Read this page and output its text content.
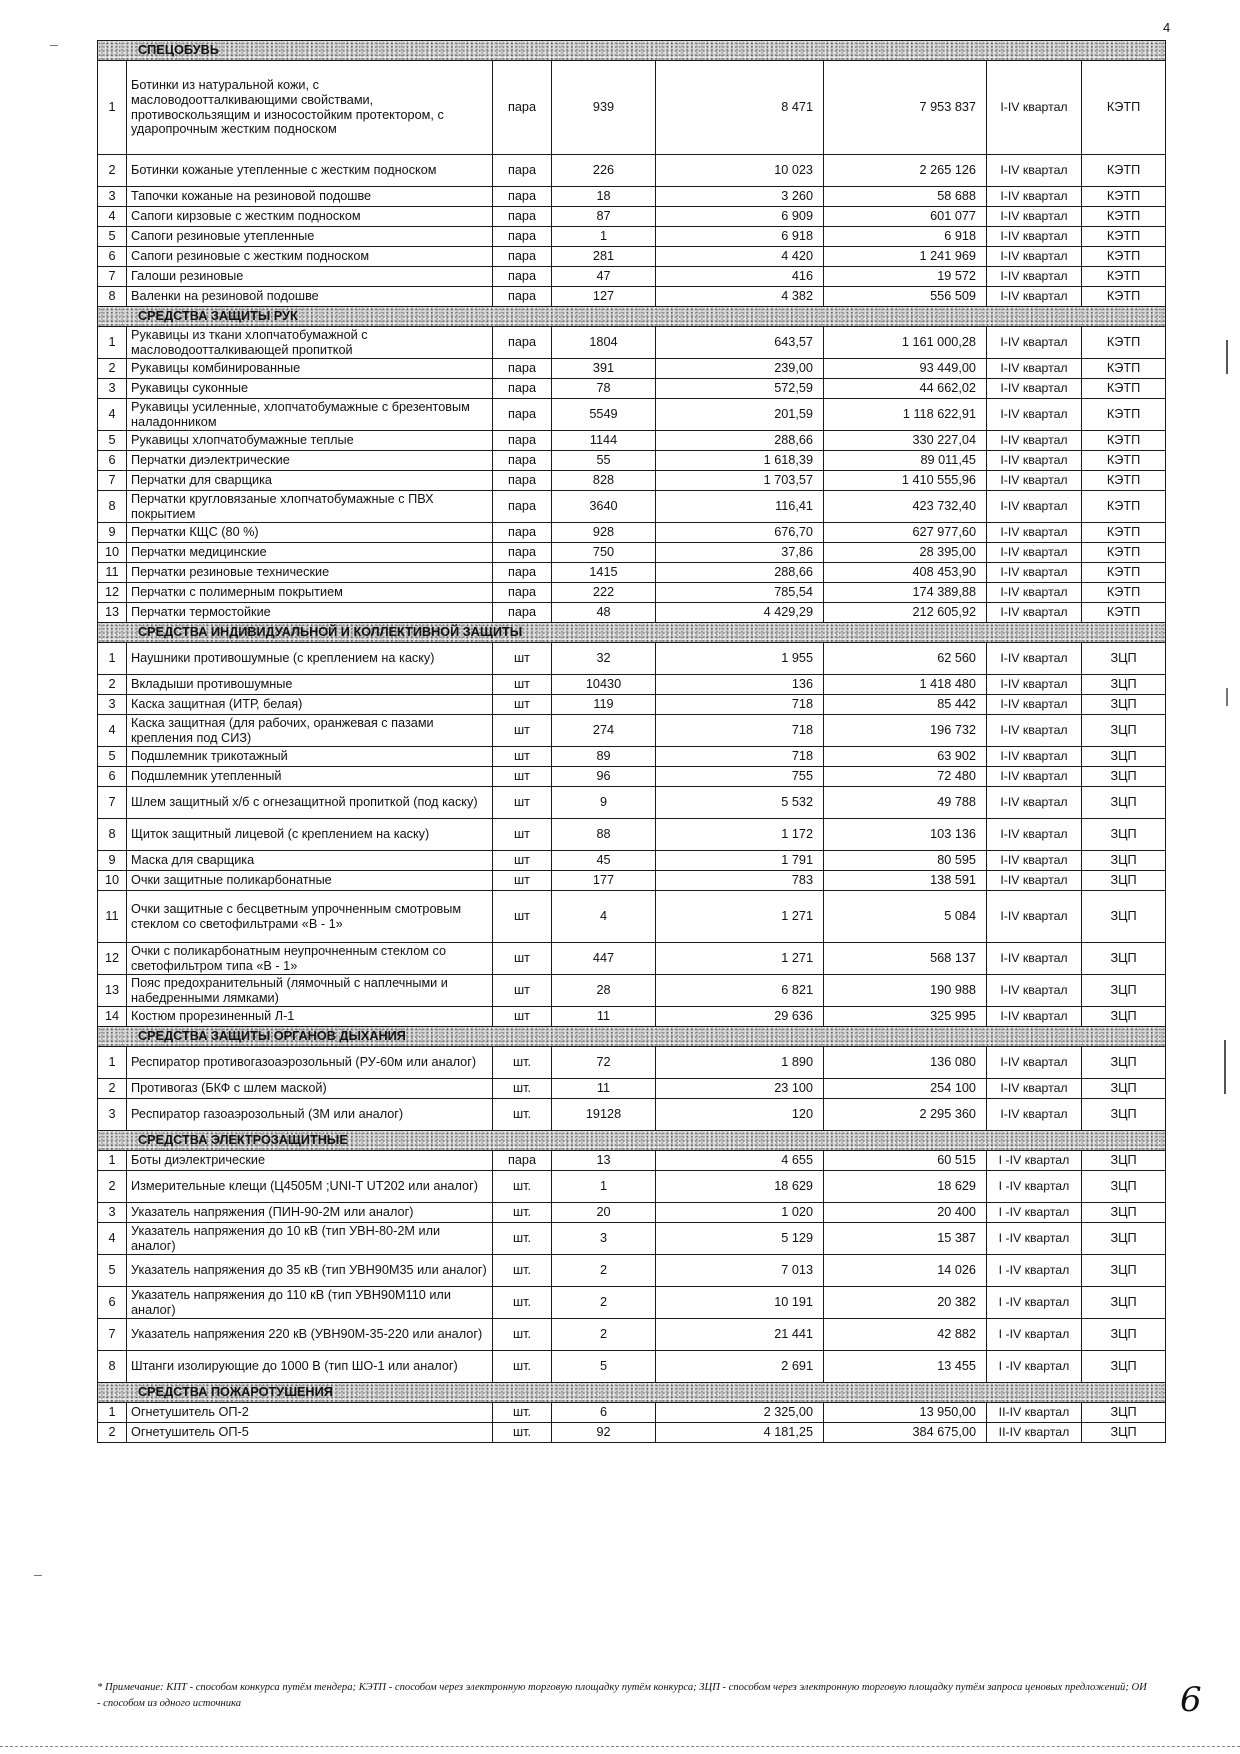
4
СПЕЦОБУВЬ							
1	Ботинки из натуральной кожи, с масловодоотталкивающими свойствами, противоскользящим и износостойким протектором, с ударопрочным жестким подноском	пара	939	8 471	7 953 837	I-IV квартал	КЭТП
2	Ботинки кожаные утепленные с жестким подноском	пара	226	10 023	2 265 126	I-IV квартал	КЭТП
3	Тапочки кожаные на резиновой подошве	пара	18	3 260	58 688	I-IV квартал	КЭТП
4	Сапоги кирзовые с жестким подноском	пара	87	6 909	601 077	I-IV квартал	КЭТП
5	Сапоги резиновые утепленные	пара	1	6 918	6 918	I-IV квартал	КЭТП
6	Сапоги резиновые с жестким подноском	пара	281	4 420	1 241 969	I-IV квартал	КЭТП
7	Галоши резиновые	пара	47	416	19 572	I-IV квартал	КЭТП
8	Валенки на резиновой подошве	пара	127	4 382	556 509	I-IV квартал	КЭТП
СРЕДСТВА ЗАЩИТЫ РУК							
1	Рукавицы из ткани хлопчатобумажной с масловодоотталкивающей пропиткой	пара	1804	643,57	1 161 000,28	I-IV квартал	КЭТП
2	Рукавицы комбинированные	пара	391	239,00	93 449,00	I-IV квартал	КЭТП
3	Рукавицы суконные	пара	78	572,59	44 662,02	I-IV квартал	КЭТП
4	Рукавицы усиленные, хлопчатобумажные с брезентовым наладонником	пара	5549	201,59	1 118 622,91	I-IV квартал	КЭТП
5	Рукавицы хлопчатобумажные теплые	пара	1144	288,66	330 227,04	I-IV квартал	КЭТП
6	Перчатки диэлектрические	пара	55	1 618,39	89 011,45	I-IV квартал	КЭТП
7	Перчатки для сварщика	пара	828	1 703,57	1 410 555,96	I-IV квартал	КЭТП
8	Перчатки кругловязаные хлопчатобумажные с ПВХ покрытием	пара	3640	116,41	423 732,40	I-IV квартал	КЭТП
9	Перчатки КЩС (80 %)	пара	928	676,70	627 977,60	I-IV квартал	КЭТП
10	Перчатки медицинские	пара	750	37,86	28 395,00	I-IV квартал	КЭТП
11	Перчатки резиновые технические	пара	1415	288,66	408 453,90	I-IV квартал	КЭТП
12	Перчатки с полимерным покрытием	пара	222	785,54	174 389,88	I-IV квартал	КЭТП
13	Перчатки термостойкие	пара	48	4 429,29	212 605,92	I-IV квартал	КЭТП
СРЕДСТВА ИНДИВИДУАЛЬНОЙ И КОЛЛЕКТИВНОЙ ЗАЩИТЫ							
1	Наушники противошумные (с креплением на каску)	шт	32	1 955	62 560	I-IV квартал	ЗЦП
2	Вкладыши противошумные	шт	10430	136	1 418 480	I-IV квартал	ЗЦП
3	Каска защитная (ИТР, белая)	шт	119	718	85 442	I-IV квартал	ЗЦП
4	Каска защитная (для рабочих, оранжевая с пазами крепления под СИЗ)	шт	274	718	196 732	I-IV квартал	ЗЦП
5	Подшлемник трикотажный	шт	89	718	63 902	I-IV квартал	ЗЦП
6	Подшлемник утепленный	шт	96	755	72 480	I-IV квартал	ЗЦП
7	Шлем защитный х/б с огнезащитной пропиткой (под каску)	шт	9	5 532	49 788	I-IV квартал	ЗЦП
8	Щиток защитный лицевой (с креплением на каску)	шт	88	1 172	103 136	I-IV квартал	ЗЦП
9	Маска для сварщика	шт	45	1 791	80 595	I-IV квартал	ЗЦП
10	Очки защитные поликарбонатные	шт	177	783	138 591	I-IV квартал	ЗЦП
11	Очки защитные с бесцветным упрочненным смотровым стеклом со светофильтрами «В - 1»	шт	4	1 271	5 084	I-IV квартал	ЗЦП
12	Очки с поликарбонатным неупрочненным стеклом со светофильтром типа «В - 1»	шт	447	1 271	568 137	I-IV квартал	ЗЦП
13	Пояс предохранительный (лямочный с наплечными и набедренными лямками)	шт	28	6 821	190 988	I-IV квартал	ЗЦП
14	Костюм прорезиненный Л-1	шт	11	29 636	325 995	I-IV квартал	ЗЦП
СРЕДСТВА ЗАЩИТЫ ОРГАНОВ ДЫХАНИЯ							
1	Респиратор противогазоаэрозольный (РУ-60м или аналог)	шт.	72	1 890	136 080	I-IV квартал	ЗЦП
2	Противогаз (БКФ с шлем маской)	шт.	11	23 100	254 100	I-IV квартал	ЗЦП
3	Респиратор газоаэрозольный (3М или аналог)	шт.	19128	120	2 295 360	I-IV квартал	ЗЦП
СРЕДСТВА ЭЛЕКТРОЗАЩИТНЫЕ							
1	Боты диэлектрические	пара	13	4 655	60 515	I -IV квартал	ЗЦП
2	Измерительные клещи (Ц4505М ;UNI-T UT202 или аналог)	шт.	1	18 629	18 629	I -IV квартал	ЗЦП
3	Указатель напряжения (ПИН-90-2М или аналог)	шт.	20	1 020	20 400	I -IV квартал	ЗЦП
4	Указатель напряжения до 10 кВ (тип УВН-80-2М или аналог)	шт.	3	5 129	15 387	I -IV квартал	ЗЦП
5	Указатель напряжения до 35 кВ (тип УВН90М35 или аналог)	шт.	2	7 013	14 026	I -IV квартал	ЗЦП
6	Указатель напряжения до 110 кВ (тип УВН90М110 или аналог)	шт.	2	10 191	20 382	I -IV квартал	ЗЦП
7	Указатель напряжения 220 кВ (УВН90М-35-220 или аналог)	шт.	2	21 441	42 882	I -IV квартал	ЗЦП
8	Штанги изолирующие до 1000 В (тип ШО-1 или аналог)	шт.	5	2 691	13 455	I -IV квартал	ЗЦП
СРЕДСТВА ПОЖАРОТУШЕНИЯ							
1	Огнетушитель ОП-2	шт.	6	2 325,00	13 950,00	II-IV квартал	ЗЦП
2	Огнетушитель ОП-5	шт.	92	4 181,25	384 675,00	II-IV квартал	ЗЦП
* Примечание: КПТ - способом конкурса путём тендера; КЭТП - способом через электронную торговую площадку путём конкурса; ЗЦП - способом через электронную торговую площадку путём запроса ценовых предложений; ОИ - способом из одного источника	6
